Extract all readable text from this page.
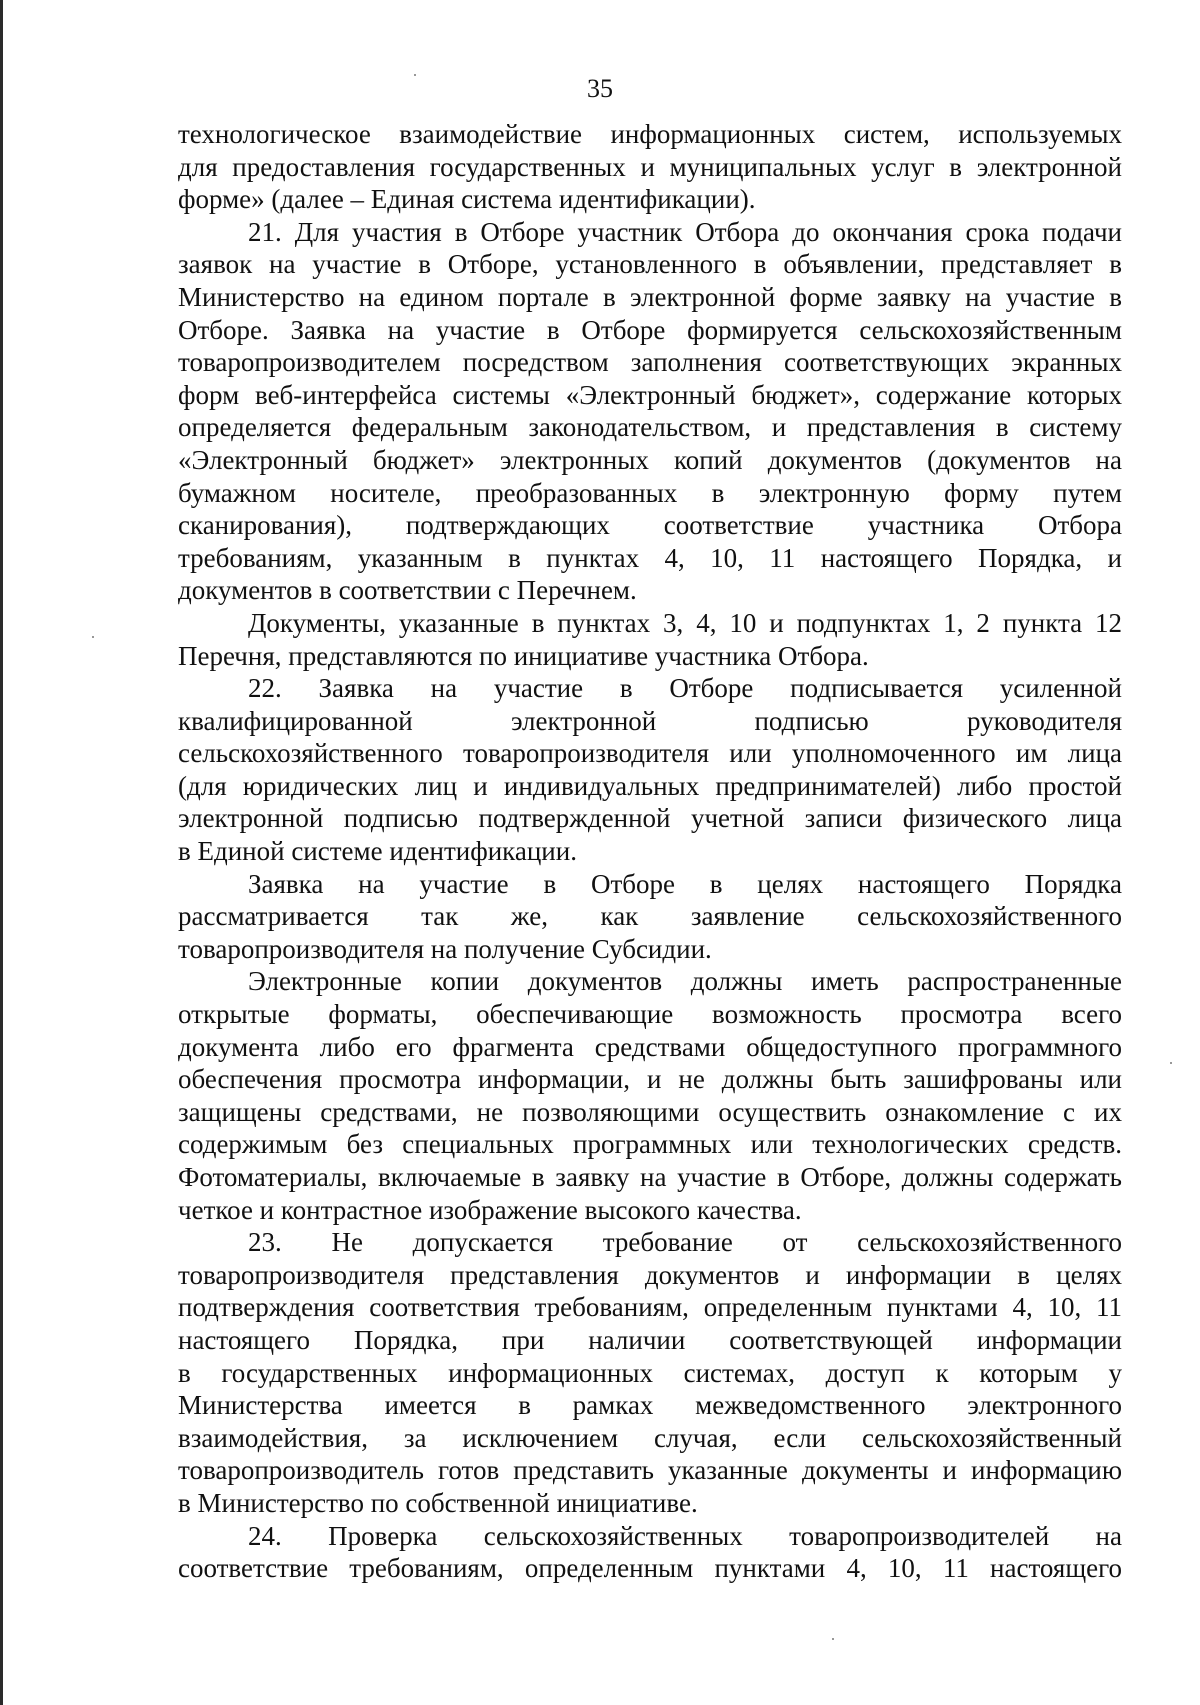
35
технологическое взаимодействие информационных систем, используемых
для предоставления государственных и муниципальных услуг в электронной
форме» (далее – Единая система идентификации).
21. Для участия в Отборе участник Отбора до окончания срока подачи
заявок на участие в Отборе, установленного в объявлении, представляет в
Министерство на едином портале в электронной форме заявку на участие в
Отборе. Заявка на участие в Отборе формируется сельскохозяйственным
товаропроизводителем посредством заполнения соответствующих экранных
форм веб-интерфейса системы «Электронный бюджет», содержание которых
определяется федеральным законодательством, и представления в систему
«Электронный бюджет» электронных копий документов (документов на
бумажном носителе, преобразованных в электронную форму путем
сканирования), подтверждающих соответствие участника Отбора
требованиям, указанным в пунктах 4, 10, 11 настоящего Порядка, и
документов в соответствии с Перечнем.
Документы, указанные в пунктах 3, 4, 10 и подпунктах 1, 2 пункта 12
Перечня, представляются по инициативе участника Отбора.
22. Заявка на участие в Отборе подписывается усиленной
квалифицированной электронной подписью руководителя
сельскохозяйственного товаропроизводителя или уполномоченного им лица
(для юридических лиц и индивидуальных предпринимателей) либо простой
электронной подписью подтвержденной учетной записи физического лица
в Единой системе идентификации.
Заявка на участие в Отборе в целях настоящего Порядка
рассматривается так же, как заявление сельскохозяйственного
товаропроизводителя на получение Субсидии.
Электронные копии документов должны иметь распространенные
открытые форматы, обеспечивающие возможность просмотра всего
документа либо его фрагмента средствами общедоступного программного
обеспечения просмотра информации, и не должны быть зашифрованы или
защищены средствами, не позволяющими осуществить ознакомление с их
содержимым без специальных программных или технологических средств.
Фотоматериалы, включаемые в заявку на участие в Отборе, должны содержать
четкое и контрастное изображение высокого качества.
23. Не допускается требование от сельскохозяйственного
товаропроизводителя представления документов и информации в целях
подтверждения соответствия требованиям, определенным пунктами 4, 10, 11
настоящего Порядка, при наличии соответствующей информации
в государственных информационных системах, доступ к которым у
Министерства имеется в рамках межведомственного электронного
взаимодействия, за исключением случая, если сельскохозяйственный
товаропроизводитель готов представить указанные документы и информацию
в Министерство по собственной инициативе.
24. Проверка сельскохозяйственных товаропроизводителей на
соответствие требованиям, определенным пунктами 4, 10, 11 настоящего
